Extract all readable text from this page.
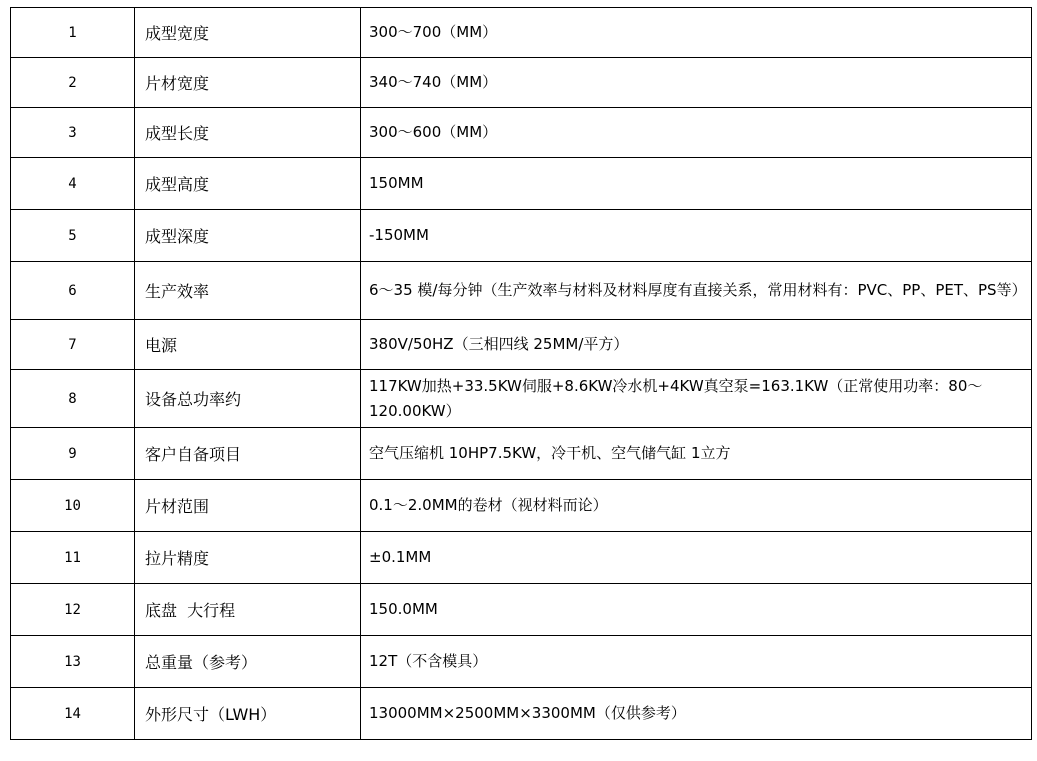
1	成型宽度	300～700（MM）
2	片材宽度	340～740（MM）
3	成型长度	300～600（MM）
4	成型高度	150MM
5	成型深度	-150MM
6	生产效率	6～35 模/每分钟（生产效率与材料及材料厚度有直接关系，常用材料有：PVC、PP、PET、PS等）
7	电源	380V/50HZ（三相四线 25MM/平方）
8	设备总功率约	117KW加热+33.5KW伺服+8.6KW冷水机+4KW真空泵=163.1KW（正常使用功率：80～120.00KW）
9	客户自备项目	空气压缩机 10HP7.5KW，冷干机、空气储气缸 1立方
10	片材范围	0.1～2.0MM的卷材（视材料而论）
11	拉片精度	±0.1MM
12	底盘  大行程	150.0MM
13	总重量（参考）	12T（不含模具）
14	外形尺寸（LWH）	13000MM×2500MM×3300MM（仅供参考）
